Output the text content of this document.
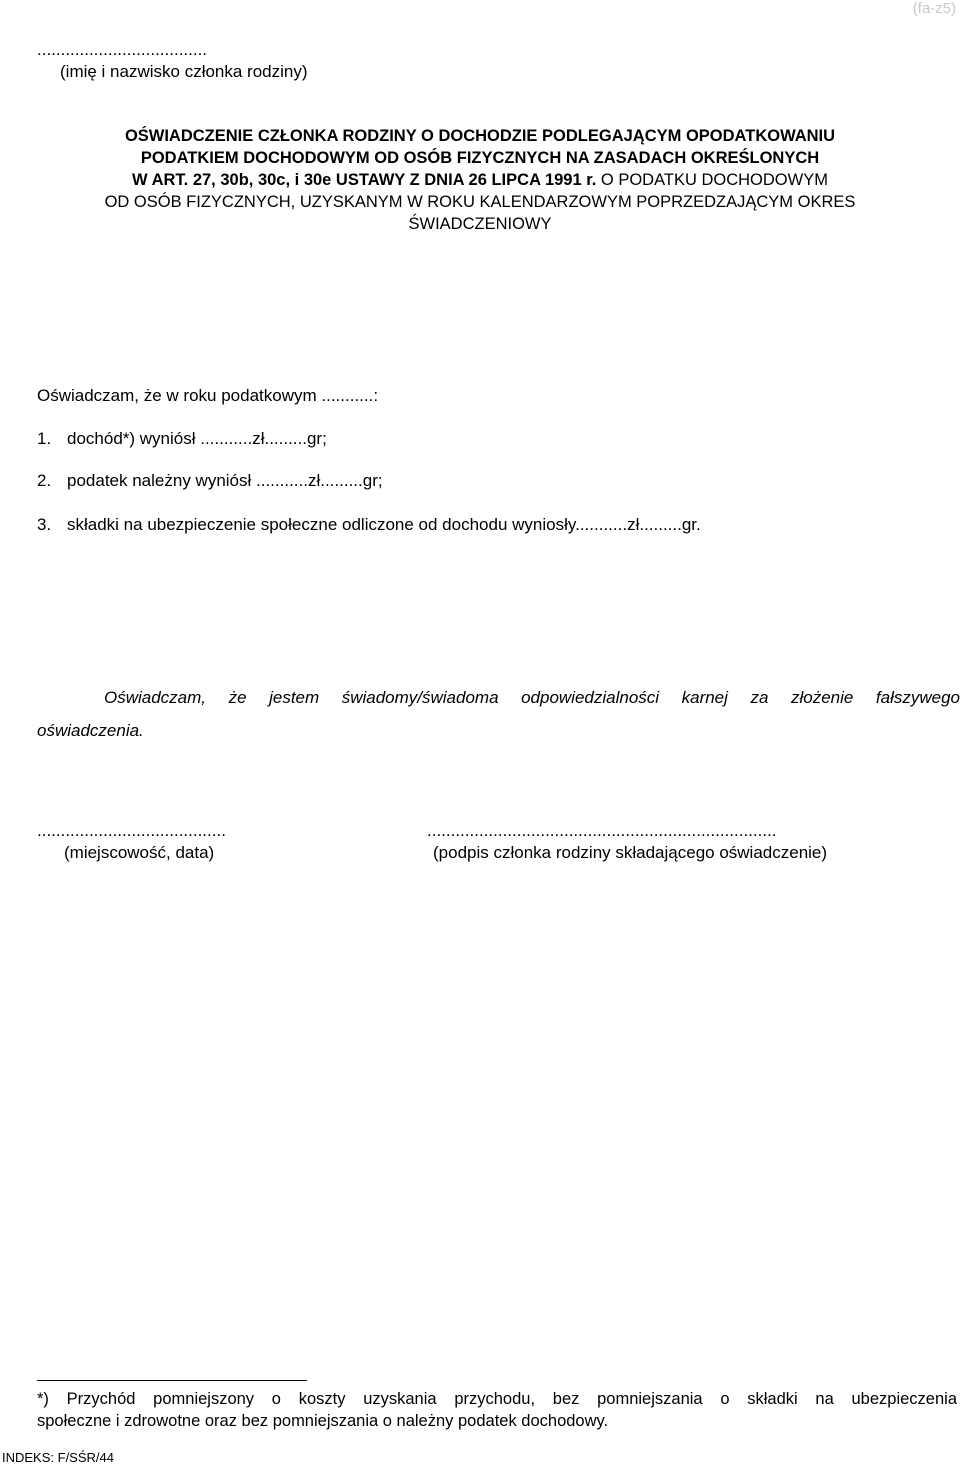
(fa-z5)
....................................
(imię i nazwisko członka rodziny)
OŚWIADCZENIE CZŁONKA RODZINY O DOCHODZIE PODLEGAJĄCYM OPODATKOWANIU
PODATKIEM DOCHODOWYM OD OSÓB FIZYCZNYCH NA ZASADACH OKREŚLONYCH
W ART. 27, 30b, 30c, i 30e USTAWY Z DNIA 26 LIPCA 1991 r. O PODATKU DOCHODOWYM
OD OSÓB FIZYCZNYCH, UZYSKANYM W ROKU KALENDARZOWYM POPRZEDZAJĄCYM OKRES
ŚWIADCZENIOWY
Oświadczam, że w roku podatkowym ...........:
1. dochód*) wyniósł ...........zł.........gr;
2. podatek należny wyniósł ...........zł.........gr;
3. składki na ubezpieczenie społeczne odliczone od dochodu wyniosły...........zł.........gr.
Oświadczam, że jestem świadomy/świadoma odpowiedzialności karnej za złożenie fałszywego
oświadczenia.
........................................
(miejscowość, data)
..........................................................................
(podpis członka rodziny składającego oświadczenie)
*) Przychód pomniejszony o koszty uzyskania przychodu, bez pomniejszania o składki na ubezpieczenia
społeczne i zdrowotne oraz bez pomniejszania o należny podatek dochodowy.
INDEKS: F/SŚR/44
